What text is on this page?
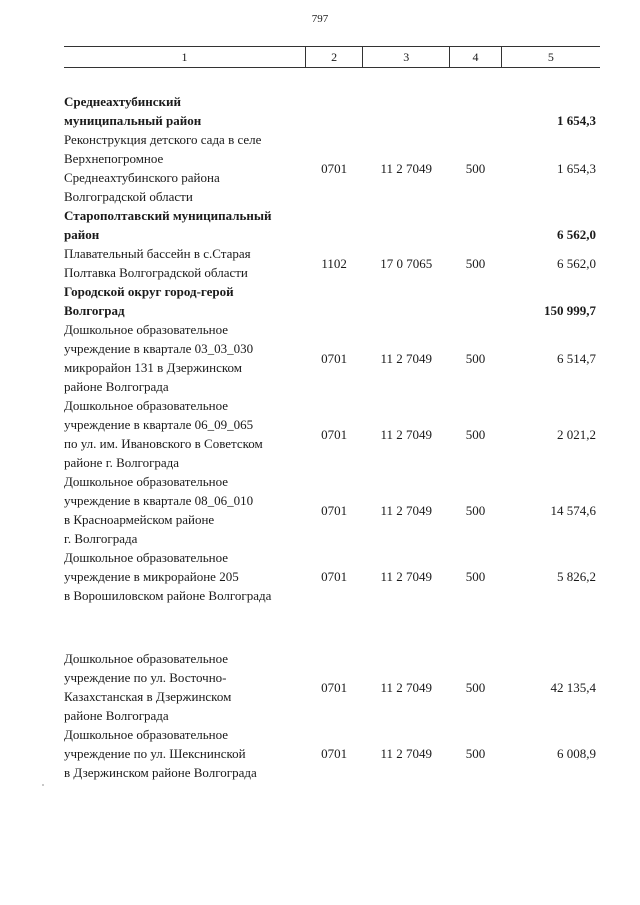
797
1	2	3	4	5

Среднеахтубинский
муниципальный район				1 654,3

Реконструкция детского сада в селе
Верхнепогромное
Среднеахтубинского района
Волгоградской области	0701	11 2 7049	500	1 654,3

Старополтавский муниципальный
район				6 562,0

Плавательный бассейн в с.Старая
Полтавка Волгоградской области	1102	17 0 7065	500	6 562,0

Городской округ город-герой
Волгоград				150 999,7

Дошкольное образовательное
учреждение в квартале 03_03_030
микрорайон 131 в Дзержинском
районе Волгограда	0701	11 2 7049	500	6 514,7

Дошкольное образовательное
учреждение в квартале 06_09_065
по ул. им. Ивановского в Советском
районе г. Волгограда	0701	11 2 7049	500	2 021,2

Дошкольное образовательное
учреждение в квартале 08_06_010
в Красноармейском районе
г. Волгограда	0701	11 2 7049	500	14 574,6

Дошкольное образовательное
учреждение в микрорайоне 205
в Ворошиловском районе Волгограда	0701	11 2 7049	500	5 826,2

Дошкольное образовательное
учреждение по ул. Восточно-
Казахстанская в Дзержинском
районе Волгограда	0701	11 2 7049	500	42 135,4

Дошкольное образовательное
учреждение по ул. Шекснинской
в Дзержинском районе Волгограда	0701	11 2 7049	500	6 008,9
